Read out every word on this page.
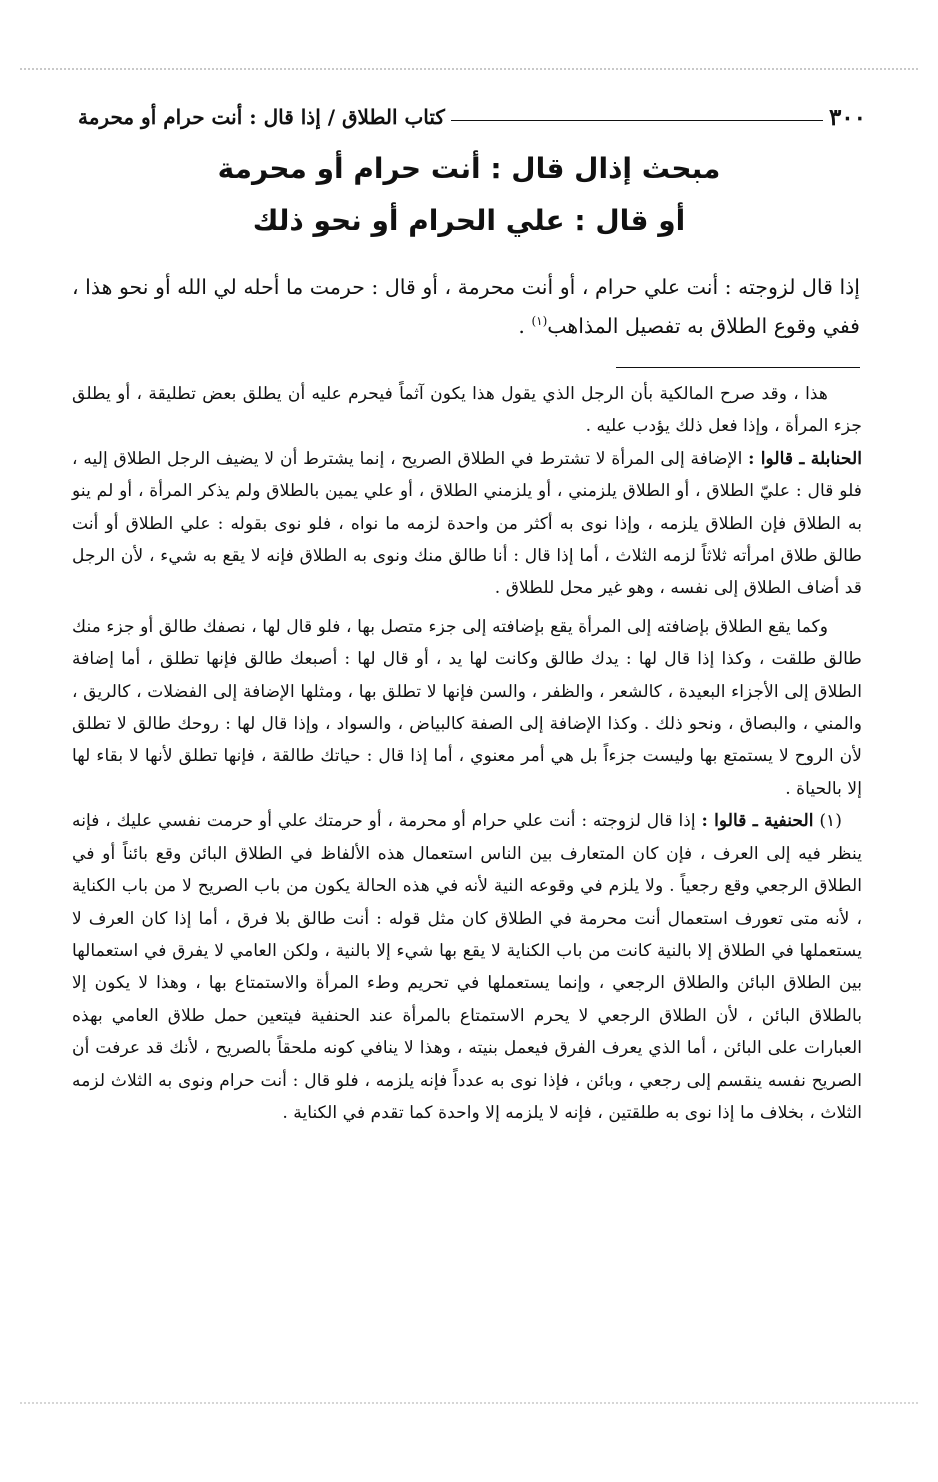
٣٠٠
كتاب الطلاق / إذا قال : أنت حرام أو محرمة
مبحث إذال قال : أنت حرام أو محرمة
أو قال : علي الحرام أو نحو ذلك
إذا قال لزوجته : أنت علي حرام ، أو أنت محرمة ، أو قال : حرمت ما أحله لي الله أو نحو هذا ، ففي وقوع الطلاق به تفصيل المذاهب$^{(١)}$ .

هذا ، وقد صرح المالكية بأن الرجل الذي يقول هذا يكون آثماً فيحرم عليه أن يطلق بعض تطليقة ، أو يطلق جزء المرأة ، وإذا فعل ذلك يؤدب عليه .

الحنابلة ـ قالوا : الإضافة إلى المرأة لا تشترط في الطلاق الصريح ، إنما يشترط أن لا يضيف الرجل الطلاق إليه ، فلو قال : عليّ الطلاق ، أو الطلاق يلزمني ، أو يلزمني الطلاق ، أو علي يمين بالطلاق ولم يذكر المرأة ، أو لم ينو به الطلاق فإن الطلاق يلزمه ، وإذا نوى به أكثر من واحدة لزمه ما نواه ، فلو نوى بقوله : علي الطلاق أو أنت طالق طلاق امرأته ثلاثاً لزمه الثلاث ، أما إذا قال : أنا طالق منك ونوى به الطلاق فإنه لا يقع به شيء ، لأن الرجل قد أضاف الطلاق إلى نفسه ، وهو غير محل للطلاق .

وكما يقع الطلاق بإضافته إلى المرأة يقع بإضافته إلى جزء متصل بها ، فلو قال لها ، نصفك طالق أو جزء منك طالق طلقت ، وكذا إذا قال لها : يدك طالق وكانت لها يد ، أو قال لها : أصبعك طالق فإنها تطلق ، أما إضافة الطلاق إلى الأجزاء البعيدة ، كالشعر ، والظفر ، والسن فإنها لا تطلق بها ، ومثلها الإضافة إلى الفضلات ، كالريق ، والمني ، والبصاق ، ونحو ذلك . وكذا الإضافة إلى الصفة كالبياض ، والسواد ، وإذا قال لها : روحك طالق لا تطلق لأن الروح لا يستمتع بها وليست جزءاً بل هي أمر معنوي ، أما إذا قال : حياتك طالقة ، فإنها تطلق لأنها لا بقاء لها إلا بالحياة .

(١) الحنفية ـ قالوا : إذا قال لزوجته : أنت علي حرام أو محرمة ، أو حرمتك علي أو حرمت نفسي عليك ، فإنه ينظر فيه إلى العرف ، فإن كان المتعارف بين الناس استعمال هذه الألفاظ في الطلاق البائن وقع بائناً أو في الطلاق الرجعي وقع رجعياً . ولا يلزم في وقوعه النية لأنه في هذه الحالة يكون من باب الصريح لا من باب الكناية ، لأنه متى تعورف استعمال أنت محرمة في الطلاق كان مثل قوله : أنت طالق بلا فرق ، أما إذا كان العرف لا يستعملها في الطلاق إلا بالنية كانت من باب الكناية لا يقع بها شيء إلا بالنية ، ولكن العامي لا يفرق في استعمالها بين الطلاق البائن والطلاق الرجعي ، وإنما يستعملها في تحريم وطء المرأة والاستمتاع بها ، وهذا لا يكون إلا بالطلاق البائن ، لأن الطلاق الرجعي لا يحرم الاستمتاع بالمرأة عند الحنفية فيتعين حمل طلاق العامي بهذه العبارات على البائن ، أما الذي يعرف الفرق فيعمل بنيته ، وهذا لا ينافي كونه ملحقاً بالصريح ، لأنك قد عرفت أن الصريح نفسه ينقسم إلى رجعي ، وبائن ، فإذا نوى به عدداً فإنه يلزمه ، فلو قال : أنت حرام ونوى به الثلاث لزمه الثلاث ، بخلاف ما إذا نوى به طلقتين ، فإنه لا يلزمه إلا واحدة كما تقدم في الكناية .
